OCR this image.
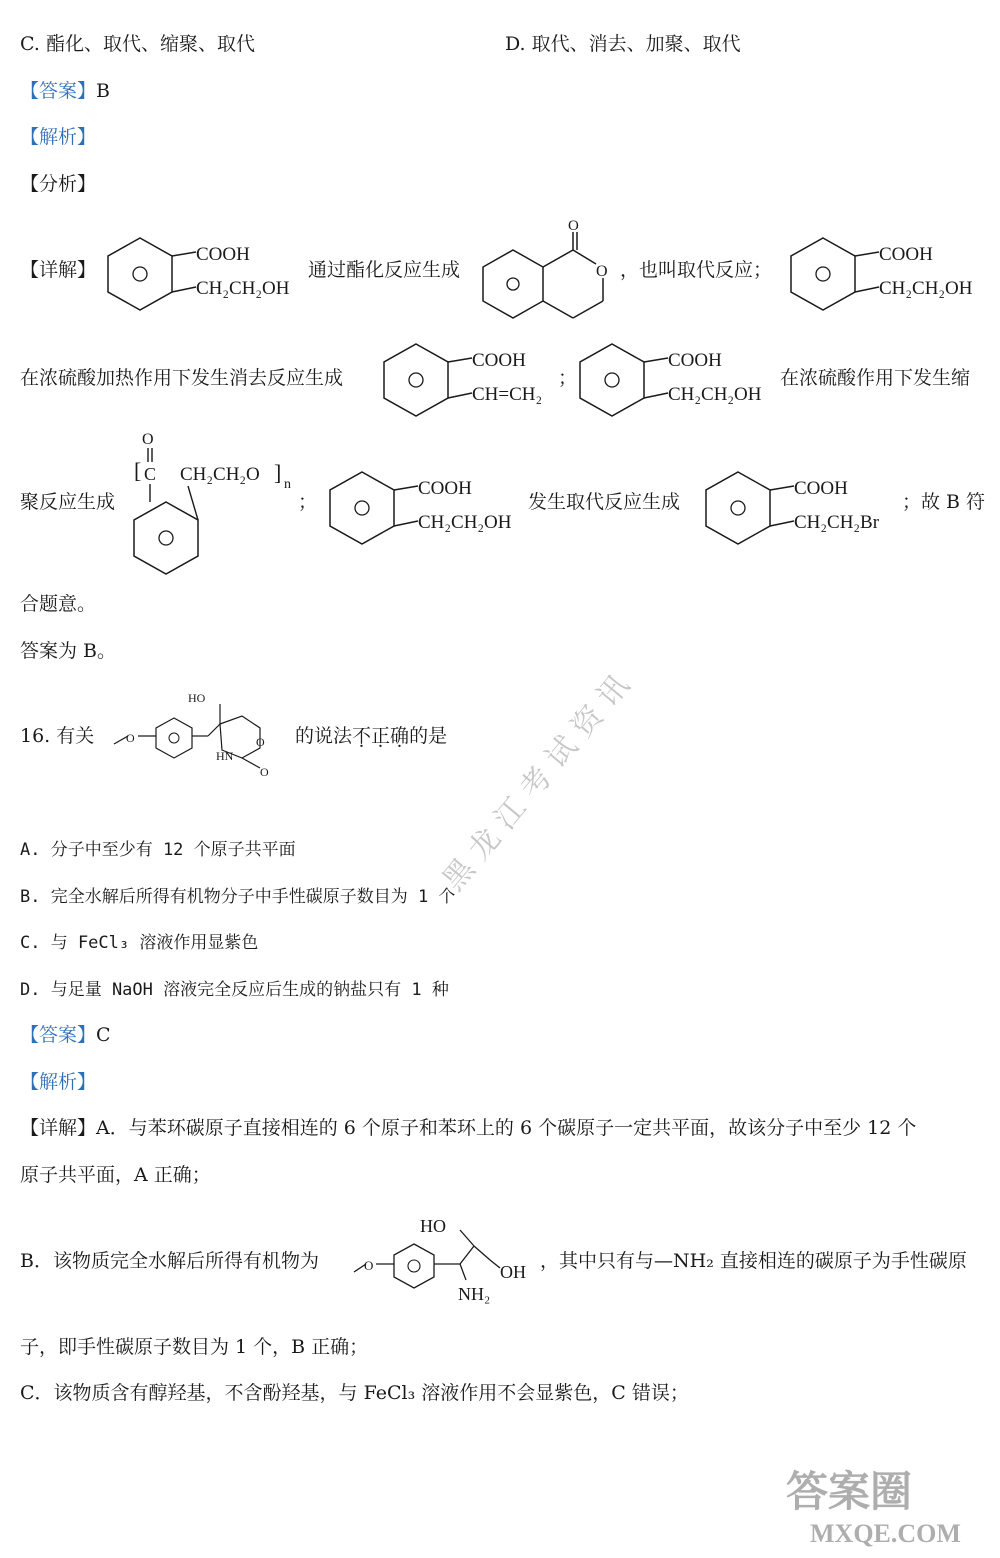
C. 酯化、取代、缩聚、取代	D. 取代、消去、加聚、取代
【答案】B
【解析】
【分析】
【详解】
COOH
CH₂CH₂OH
通过酯化反应生成
O
O ，也叫取代反应；
COOH
CH₂CH₂OH
在浓硫酸加热作用下发生消去反应生成
COOH
CH=CH₂
；
COOH
CH₂CH₂OH
在浓硫酸作用下发生缩
聚反应生成
O
[ C CH₂CH₂O ] n
；
COOH
CH₂CH₂OH
发生取代反应生成
COOH
CH₂CH₂Br
；故 B 符
合题意。
答案为 B。
16. 有关	O
HO
HN
O
O
的说法不正确的是
A. 分子中至少有 12 个原子共平面
B. 完全水解后所得有机物分子中手性碳原子数目为 1 个
C. 与 FeCl₃ 溶液作用显紫色
D. 与足量 NaOH 溶液完全反应后生成的钠盐只有 1 种
【答案】C
【解析】
【详解】A．与苯环碳原子直接相连的 6 个原子和苯环上的 6 个碳原子一定共平面，故该分子中至少 12 个
原子共平面，A 正确；
B．该物质完全水解后所得有机物为	O
HO
OH
NH₂
，其中只有与—NH₂ 直接相连的碳原子为手性碳原
子，即手性碳原子数目为 1 个，B 正确；
C．该物质含有醇羟基，不含酚羟基，与 FeCl₃ 溶液作用不会显紫色，C 错误；
黑龙江考试资讯
答案圈
MXQE.COM
